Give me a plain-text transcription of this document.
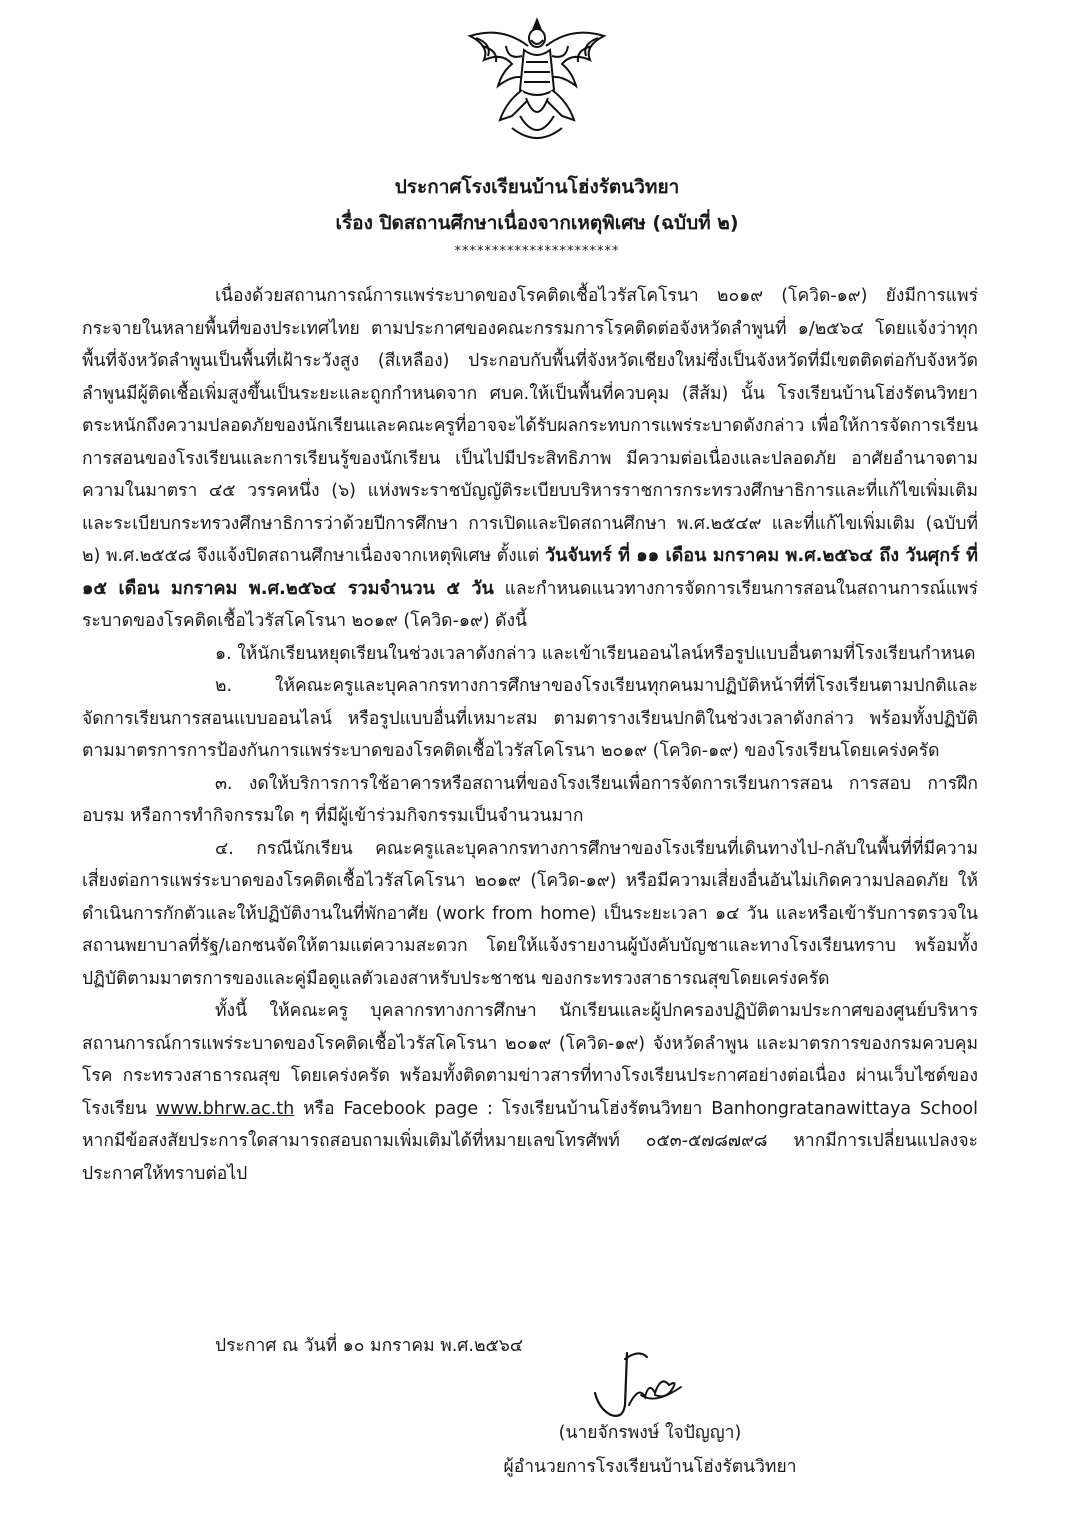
ประกาศโรงเรียนบ้านโฮ่งรัตนวิทยา
เรื่อง ปิดสถานศึกษาเนื่องจากเหตุพิเศษ (ฉบับที่ ๒)
**********************

เนื่องด้วยสถานการณ์การแพร่ระบาดของโรคติดเชื้อไวรัสโคโรนา ๒๐๑๙ (โควิด-๑๙) ยังมีการแพร่กระจายในหลายพื้นที่ของประเทศไทย ตามประกาศของคณะกรรมการโรคติดต่อจังหวัดลำพูนที่ ๑/๒๕๖๔ โดยแจ้งว่าทุกพื้นที่จังหวัดลำพูนเป็นพื้นที่เฝ้าระวังสูง (สีเหลือง) ประกอบกับพื้นที่จังหวัดเชียงใหม่ซึ่งเป็นจังหวัดที่มีเขตติดต่อกับจังหวัดลำพูนมีผู้ติดเชื้อเพิ่มสูงขึ้นเป็นระยะและถูกกำหนดจาก ศบค.ให้เป็นพื้นที่ควบคุม (สีส้ม) นั้น โรงเรียนบ้านโฮ่งรัตนวิทยาตระหนักถึงความปลอดภัยของนักเรียนและคณะครูที่อาจจะได้รับผลกระทบการแพร่ระบาดดังกล่าว เพื่อให้การจัดการเรียนการสอนของโรงเรียนและการเรียนรู้ของนักเรียน เป็นไปมีประสิทธิภาพ มีความต่อเนื่องและปลอดภัย อาศัยอำนาจตามความในมาตรา ๔๕ วรรคหนึ่ง (๖) แห่งพระราชบัญญัติระเบียบบริหารราชการกระทรวงศึกษาธิการและที่แก้ไขเพิ่มเติม และระเบียบกระทรวงศึกษาธิการว่าด้วยปีการศึกษา การเปิดและปิดสถานศึกษา พ.ศ.๒๕๔๙ และที่แก้ไขเพิ่มเติม (ฉบับที่ ๒) พ.ศ.๒๕๕๘ จึงแจ้งปิดสถานศึกษาเนื่องจากเหตุพิเศษ ตั้งแต่ วันจันทร์ ที่ ๑๑ เดือน มกราคม พ.ศ.๒๕๖๔ ถึง วันศุกร์ ที่ ๑๕ เดือน มกราคม พ.ศ.๒๕๖๔ รวมจำนวน ๕ วัน และกำหนดแนวทางการจัดการเรียนการสอนในสถานการณ์แพร่ระบาดของโรคติดเชื้อไวรัสโคโรนา ๒๐๑๙ (โควิด-๑๙) ดังนี้

๑. ให้นักเรียนหยุดเรียนในช่วงเวลาดังกล่าว และเข้าเรียนออนไลน์หรือรูปแบบอื่นตามที่โรงเรียนกำหนด

๒. ให้คณะครูและบุคลากรทางการศึกษาของโรงเรียนทุกคนมาปฏิบัติหน้าที่ที่โรงเรียนตามปกติและจัดการเรียนการสอนแบบออนไลน์ หรือรูปแบบอื่นที่เหมาะสม ตามตารางเรียนปกติในช่วงเวลาดังกล่าว พร้อมทั้งปฏิบัติตามมาตรการการป้องกันการแพร่ระบาดของโรคติดเชื้อไวรัสโคโรนา ๒๐๑๙ (โควิด-๑๙) ของโรงเรียนโดยเคร่งครัด

๓. งดให้บริการการใช้อาคารหรือสถานที่ของโรงเรียนเพื่อการจัดการเรียนการสอน การสอบ การฝึกอบรม หรือการทำกิจกรรมใด ๆ ที่มีผู้เข้าร่วมกิจกรรมเป็นจำนวนมาก

๔. กรณีนักเรียน คณะครูและบุคลากรทางการศึกษาของโรงเรียนที่เดินทางไป-กลับในพื้นที่ที่มีความเสี่ยงต่อการแพร่ระบาดของโรคติดเชื้อไวรัสโคโรนา ๒๐๑๙ (โควิด-๑๙) หรือมีความเสี่ยงอื่นอันไม่เกิดความปลอดภัย ให้ดำเนินการกักตัวและให้ปฏิบัติงานในที่พักอาศัย (work from home) เป็นระยะเวลา ๑๔ วัน และหรือเข้ารับการตรวจในสถานพยาบาลที่รัฐ/เอกชนจัดให้ตามแต่ความสะดวก โดยให้แจ้งรายงานผู้บังคับบัญชาและทางโรงเรียนทราบ พร้อมทั้งปฏิบัติตามมาตรการของและคู่มือดูแลตัวเองสาหรับประชาชน ของกระทรวงสาธารณสุขโดยเคร่งครัด

ทั้งนี้ ให้คณะครู บุคลากรทางการศึกษา นักเรียนและผู้ปกครองปฏิบัติตามประกาศของศูนย์บริหารสถานการณ์การแพร่ระบาดของโรคติดเชื้อไวรัสโคโรนา ๒๐๑๙ (โควิด-๑๙) จังหวัดลำพูน และมาตรการของกรมควบคุมโรค กระทรวงสาธารณสุข โดยเคร่งครัด พร้อมทั้งติดตามข่าวสารที่ทางโรงเรียนประกาศอย่างต่อเนื่อง ผ่านเว็บไซต์ของโรงเรียน www.bhrw.ac.th หรือ Facebook page : โรงเรียนบ้านโฮ่งรัตนวิทยา Banhongratanawittaya School หากมีข้อสงสัยประการใดสามารถสอบถามเพิ่มเติมได้ที่หมายเลขโทรศัพท์ ๐๕๓-๕๗๘๗๙๘ หากมีการเปลี่ยนแปลงจะประกาศให้ทราบต่อไป

ประกาศ ณ วันที่ ๑๐ มกราคม พ.ศ.๒๕๖๔
(นายจักรพงษ์ ใจปัญญา)
ผู้อำนวยการโรงเรียนบ้านโฮ่งรัตนวิทยา
